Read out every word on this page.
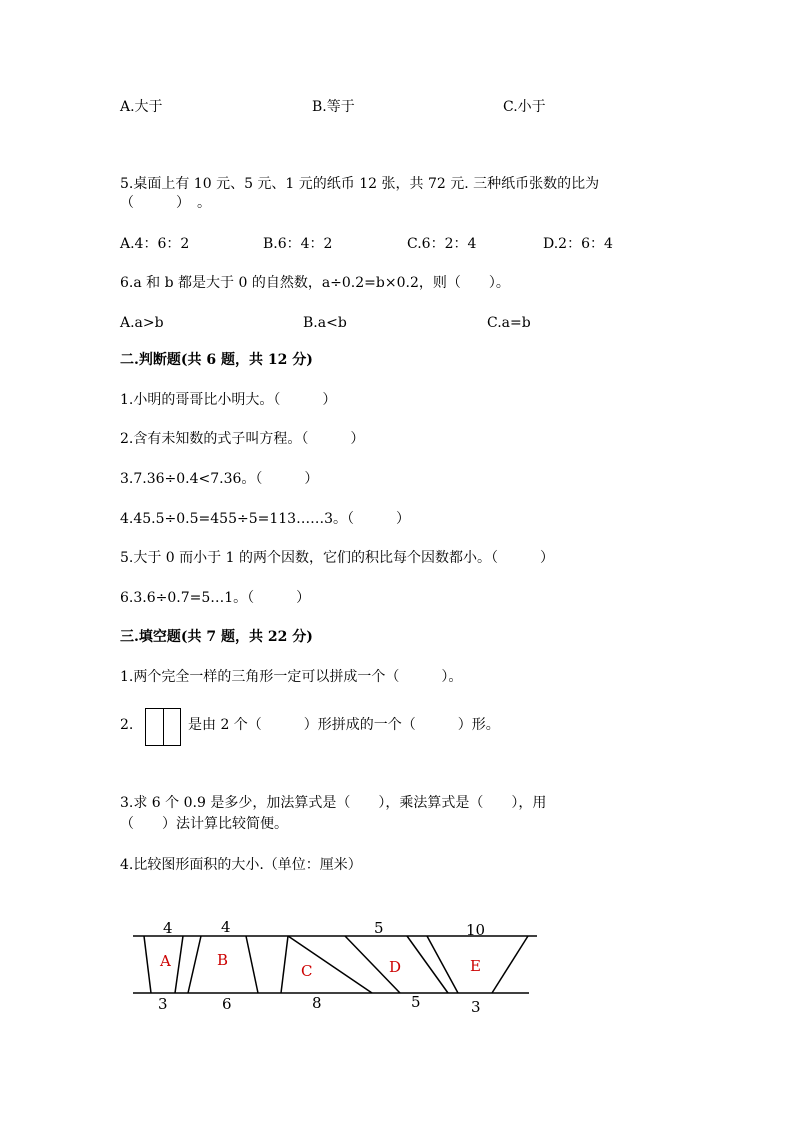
A.大于	B.等于	C.小于
5.桌面上有 10 元、5 元、1 元的纸币 12 张，共 72 元. 三种纸币张数的比为
（　　　）　。
A.4：6：2	B.6：4：2	C.6：2：4	D.2：6：4
6.a 和 b 都是大于 0 的自然数，a÷0.2=b×0.2，则（　　）。
A.a>b	B.a<b	C.a=b
二.判断题(共 6 题，共 12 分)
1.小明的哥哥比小明大。（　　　）
2.含有未知数的式子叫方程。（　　　）
3.7.36÷0.4<7.36。（　　　）
4.45.5÷0.5=455÷5=113……3。（　　　）
5.大于 0 而小于 1 的两个因数，它们的积比每个因数都小。（　　　）
6.3.6÷0.7=5…1。（　　　）
三.填空题(共 7 题，共 22 分)
1.两个完全一样的三角形一定可以拼成一个（　　　）。
2.	是由 2 个（　　　）形拼成的一个（　　　）形。
3.求 6 个 0.9 是多少，加法算式是（　　），乘法算式是（　　），用
（　　）法计算比较简便。
4.比较图形面积的大小.（单位：厘米）
4	4	5	10
3	6	8	5	3
A	B
C	D	E
